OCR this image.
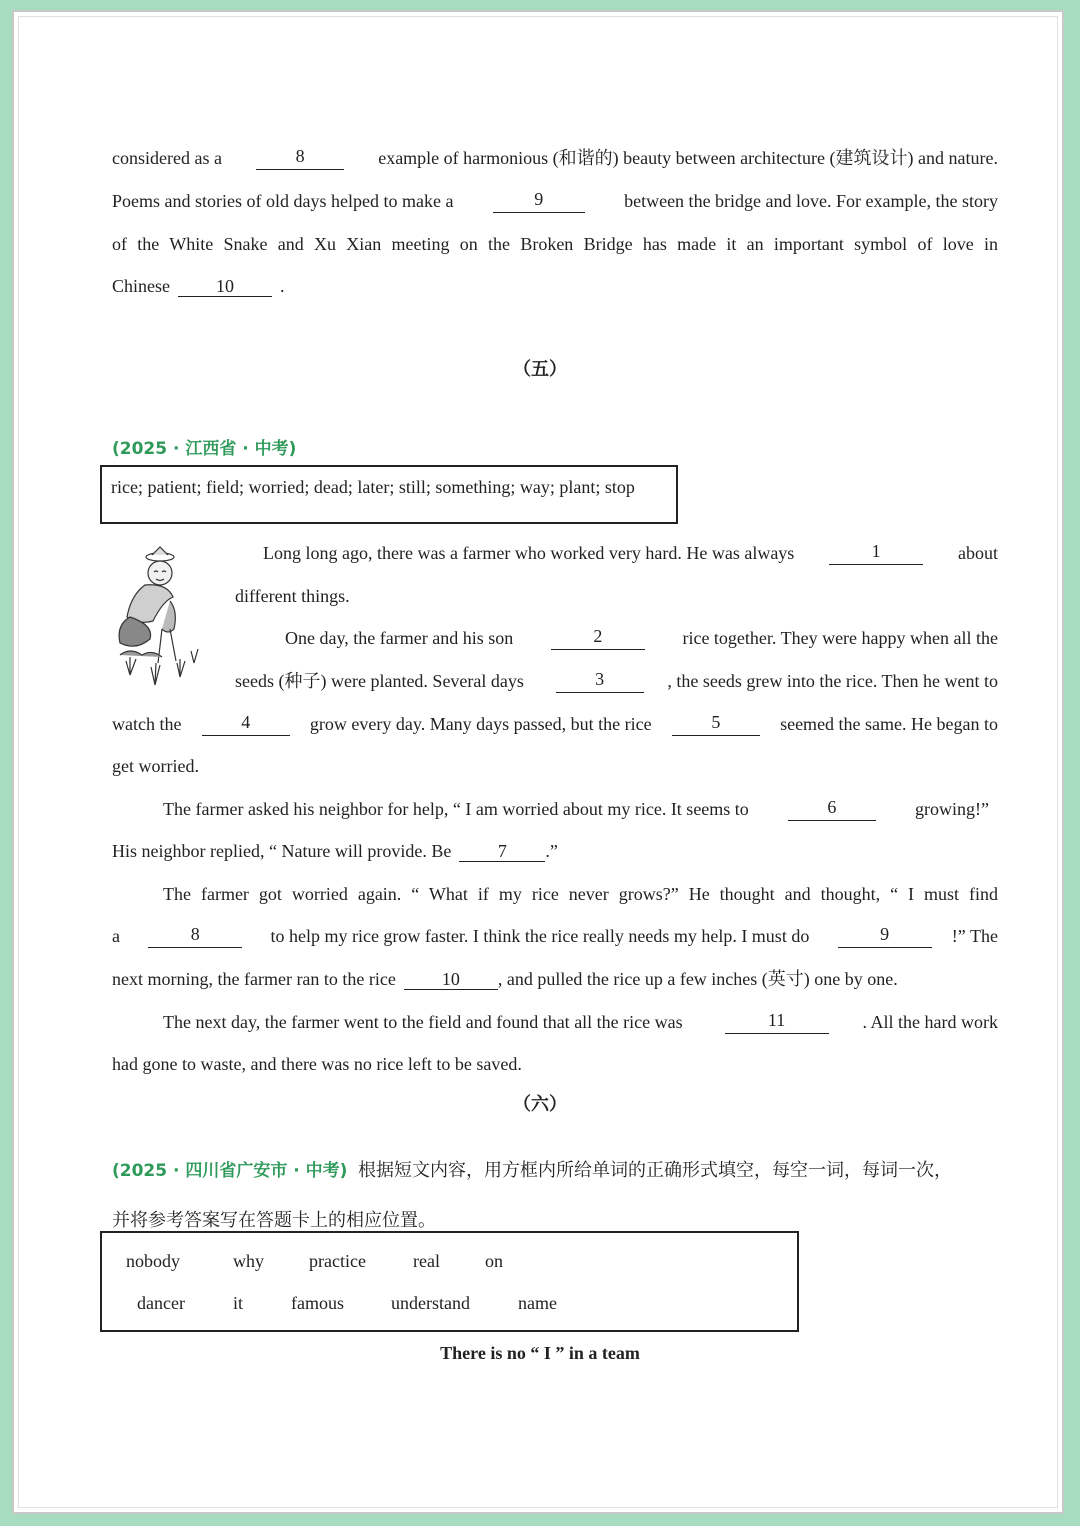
considered as a	8	example of harmonious (和谐的) beauty between architecture (建筑设计) and nature.
Poems and stories of old days helped to make a	9	between the bridge and love. For example, the story
of the White Snake and Xu Xian meeting on the Broken Bridge has made it an important symbol of love in
Chinese	10	.
（五）
(2025 · 江西省 · 中考)
rice; patient; field; worried; dead; later; still; something; way; plant; stop
Long long ago, there was a farmer who worked very hard. He was always	1	about
different things.
One day, the farmer and his son	2	rice together. They were happy when all the
seeds (种子) were planted. Several days	3	, the seeds grew into the rice. Then he went to
watch the	4	grow every day. Many days passed, but the rice	5	seemed the same. He began to
get worried.
The farmer asked his neighbor for help, “ I am worried about my rice. It seems to	6	growing!”
His neighbor replied, “ Nature will provide. Be	7 .”
The farmer got worried again. “ What if my rice never grows?” He thought and thought, “ I must find
a	8	to help my rice grow faster. I think the rice really needs my help. I must do	9	!” The
next morning, the farmer ran to the rice	10 , and pulled the rice up a few inches (英寸) one by one.
The next day, the farmer went to the field and found that all the rice was	11	. All the hard work
had gone to waste, and there was no rice left to be saved.
（六）
(2025 · 四川省广安市 · 中考) 根据短文内容，用方框内所给单词的正确形式填空，每空一词，每词一次，
并将参考答案写在答题卡上的相应位置。
nobody	why	practice	real	on
dancer	it	famous	understand	name
There is no “ I ” in a team
